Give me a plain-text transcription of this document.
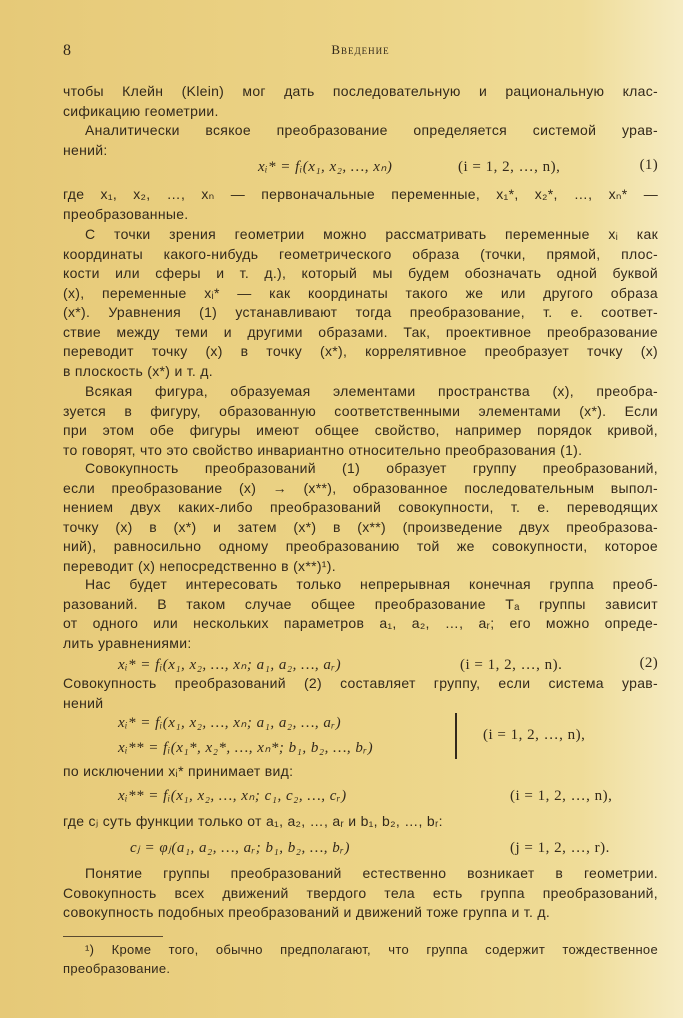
8	Введение
чтобы Клейн (Klein) мог дать последовательную и рациональную клас-
сификацию геометрии.
Аналитически всякое преобразование определяется системой урав-
нений:
xᵢ* = fᵢ(x₁, x₂, …, xₙ)	(i = 1, 2, …, n),	(1)
где x₁, x₂, …, xₙ — первоначальные переменные, x₁*, x₂*, …, xₙ* —
преобразованные.
С точки зрения геометрии можно рассматривать переменные xᵢ как
координаты какого-нибудь геометрического образа (точки, прямой, плос-
кости или сферы и т. д.), который мы будем обозначать одной буквой
(x), переменные xᵢ* — как координаты такого же или другого образа
(x*). Уравнения (1) устанавливают тогда преобразование, т. е. соответ-
ствие между теми и другими образами. Так, проективное преобразование
переводит точку (x) в точку (x*), коррелятивное преобразует точку (x)
в плоскость (x*) и т. д.
Всякая фигура, образуемая элементами пространства (x), преобра-
зуется в фигуру, образованную соответственными элементами (x*). Если
при этом обе фигуры имеют общее свойство, например порядок кривой,
то говорят, что это свойство инвариантно относительно преобразования (1).
Совокупность преобразований (1) образует группу преобразований,
если преобразование (x) → (x**), образованное последовательным выпол-
нением двух каких-либо преобразований совокупности, т. е. переводящих
точку (x) в (x*) и затем (x*) в (x**) (произведение двух преобразова-
ний), равносильно одному преобразованию той же совокупности, которое
переводит (x) непосредственно в (x**)¹).
Нас будет интересовать только непрерывная конечная группа преоб-
разований. В таком случае общее преобразование Tₐ группы зависит
от одного или нескольких параметров a₁, a₂, …, aᵣ; его можно опреде-
лить уравнениями:
xᵢ* = fᵢ(x₁, x₂, …, xₙ; a₁, a₂, …, aᵣ)	(i = 1, 2, …, n).	(2)
Совокупность преобразований (2) составляет группу, если система урав-
нений
xᵢ* = fᵢ(x₁, x₂, …, xₙ; a₁, a₂, …, aᵣ)
xᵢ** = fᵢ(x₁*, x₂*, …, xₙ*; b₁, b₂, …, bᵣ)
(i = 1, 2, …, n),
по исключении xᵢ* принимает вид:
xᵢ** = fᵢ(x₁, x₂, …, xₙ; c₁, c₂, …, cᵣ)	(i = 1, 2, …, n),
где cⱼ суть функции только от a₁, a₂, …, aᵣ и b₁, b₂, …, bᵣ:
cⱼ = φⱼ(a₁, a₂, …, aᵣ; b₁, b₂, …, bᵣ)	(j = 1, 2, …, r).
Понятие группы преобразований естественно возникает в геометрии.
Совокупность всех движений твердого тела есть группа преобразований,
совокупность подобных преобразований и движений тоже группа и т. д.
¹) Кроме того, обычно предполагают, что группа содержит тождественное
преобразование.
